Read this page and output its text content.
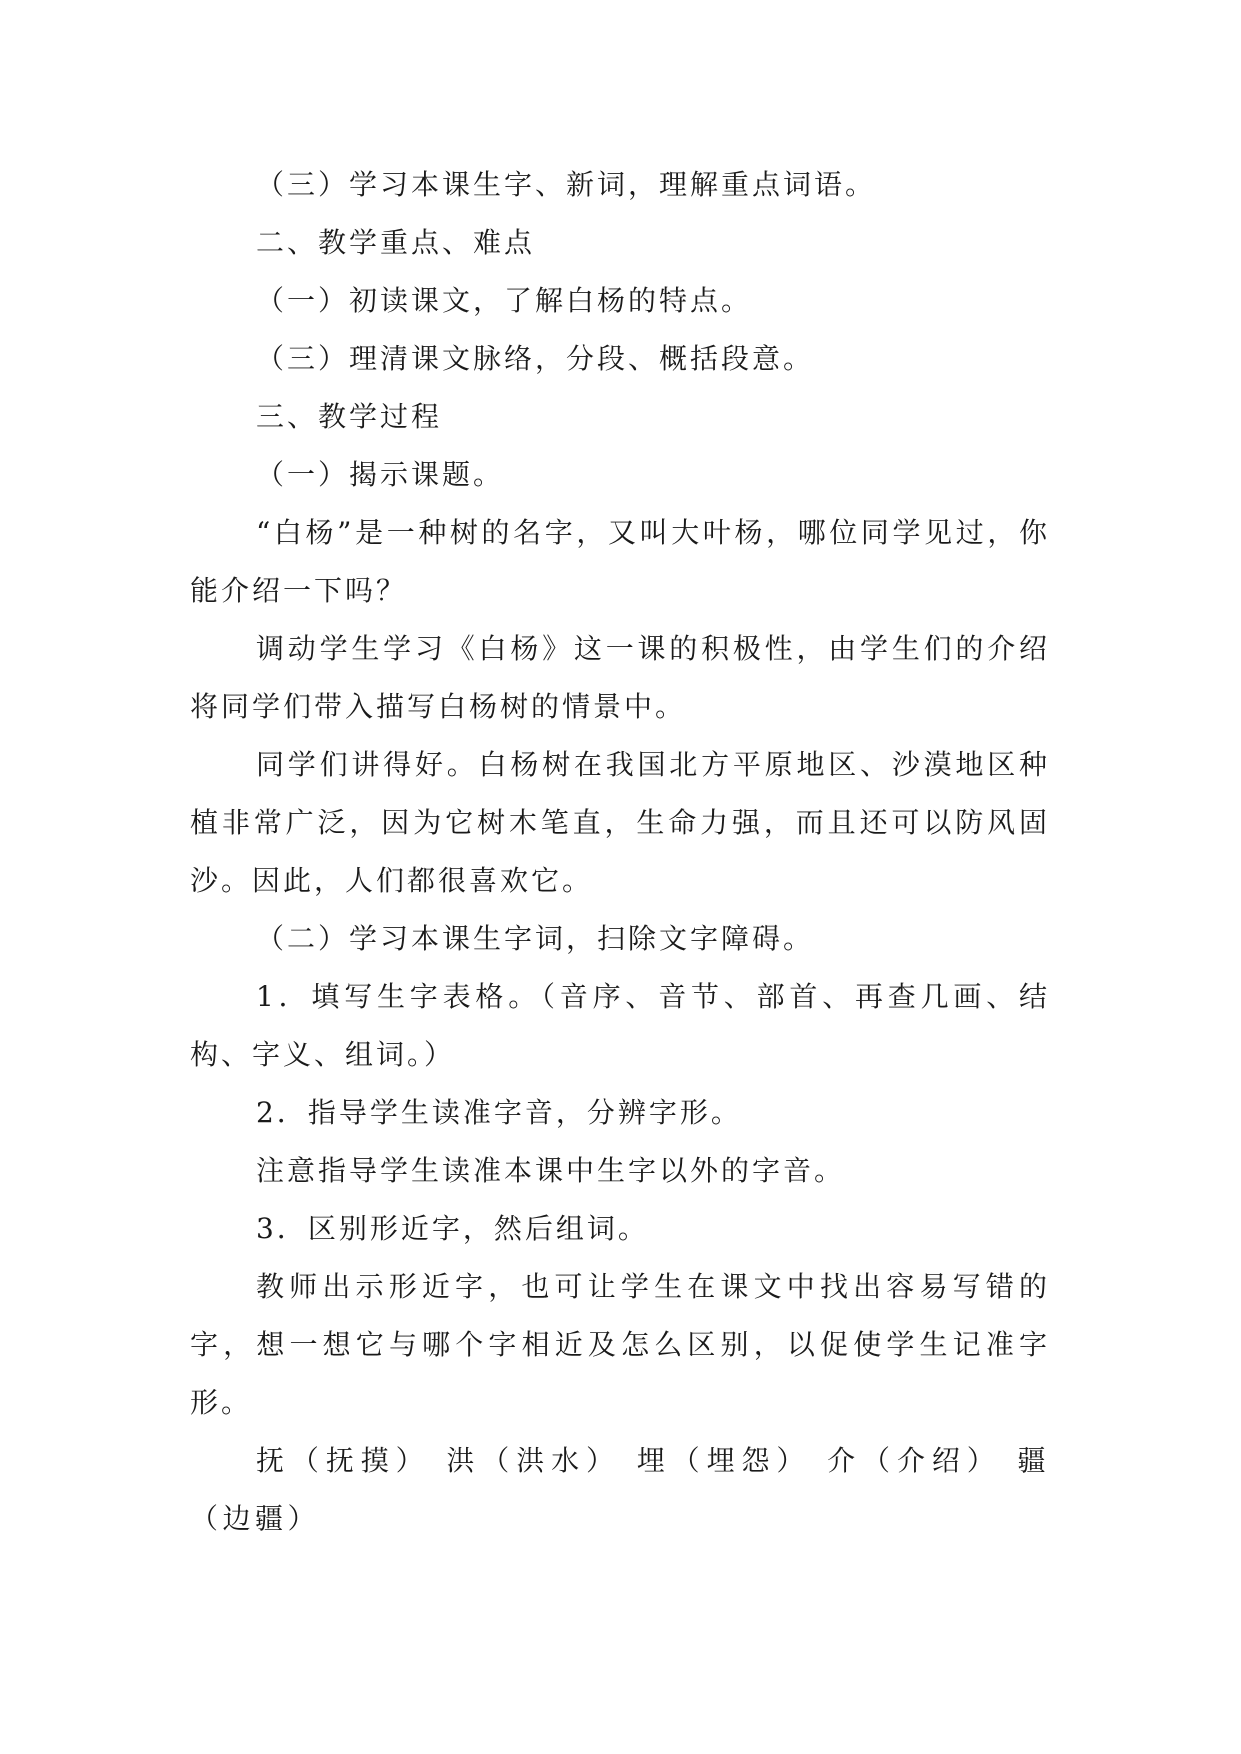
（三）学习本课生字、新词，理解重点词语。

二、教学重点、难点

（一）初读课文，了解白杨的特点。

（三）理清课文脉络，分段、概括段意。

三、教学过程

（一）揭示课题。

“白杨”是一种树的名字，又叫大叶杨，哪位同学见过，你能介绍一下吗？

调动学生学习《白杨》这一课的积极性，由学生们的介绍将同学们带入描写白杨树的情景中。

同学们讲得好。白杨树在我国北方平原地区、沙漠地区种植非常广泛，因为它树木笔直，生命力强，而且还可以防风固沙。因此，人们都很喜欢它。

（二）学习本课生字词，扫除文字障碍。

1．填写生字表格。（音序、音节、部首、再查几画、结构、字义、组词。）

2．指导学生读准字音，分辨字形。

注意指导学生读准本课中生字以外的字音。

3．区别形近字，然后组词。

教师出示形近字，也可让学生在课文中找出容易写错的字，想一想它与哪个字相近及怎么区别，以促使学生记准字形。

抚（抚摸） 洪（洪水） 埋（埋怨） 介（介绍） 疆（边疆）
